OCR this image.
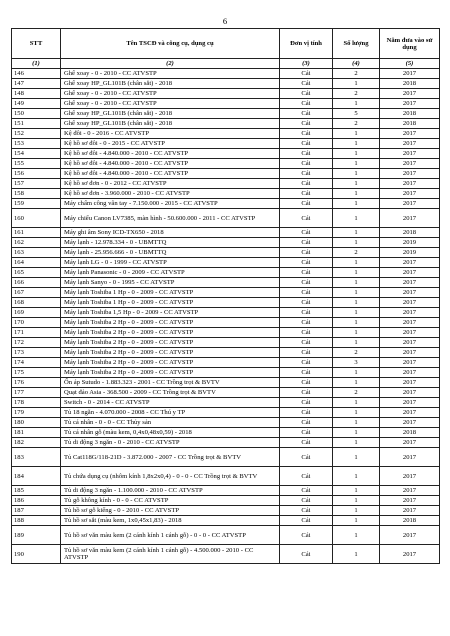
6
STT	Tên TSCĐ và công cụ, dụng cụ	Đơn vị tính	Số lượng	Năm đưa vào sử dụng
(1)	(2)	(3)	(4)	(5)
146	Ghế xoay - 0 - 2010 - CC ATVSTP	Cái	2	2017
147	Ghế xoay HP_GL101B (chân sắt) - 2018	Cái	1	2018
148	Ghế xoay - 0 - 2010 - CC ATVSTP	Cái	2	2017
149	Ghế xoay - 0 - 2010 - CC ATVSTP	Cái	1	2017
150	Ghế xoay HP_GL101B (chân sắt) - 2018	Cái	5	2018
151	Ghế xoay HP_GL101B (chân sắt) - 2018	Cái	2	2018
152	Kệ đôi - 0 - 2016 - CC ATVSTP	Cái	1	2017
153	Kệ hồ sơ đôi - 0 - 2015 - CC ATVSTP	Cái	1	2017
154	Kệ hồ sơ đôi - 4.840.000 - 2010 - CC ATVSTP	Cái	1	2017
155	Kệ hồ sơ đôi - 4.840.000 - 2010 - CC ATVSTP	Cái	1	2017
156	Kệ hồ sơ đôi - 4.840.000 - 2010 - CC ATVSTP	Cái	1	2017
157	Kệ hồ sơ đơn - 0 - 2012 - CC ATVSTP	Cái	1	2017
158	Kệ hồ sơ đơn - 3.960.000 - 2010 - CC ATVSTP	Cái	1	2017
159	Máy chấm công vân tay - 7.150.000 - 2015 - CC ATVSTP	Cái	1	2017
160	Máy chiếu Canon LV7385, màn hình - 50.600.000 - 2011 - CC ATVSTP	Cái	1	2017
161	Máy ghi âm Sony ICD-TX650 - 2018	Cái	1	2018
162	Máy lạnh - 12.978.334 - 0 - UBMTTQ	Cái	1	2019
163	Máy lạnh - 25.956.666 - 0 - UBMTTQ	Cái	2	2019
164	Máy lạnh LG - 0 - 1999 - CC ATVSTP	Cái	1	2017
165	Máy lạnh Panasonic - 0 - 2009 - CC ATVSTP	Cái	1	2017
166	Máy lạnh Sanyo - 0 - 1995 - CC ATVSTP	Cái	1	2017
167	Máy lạnh Toshiba 1 Hp - 0 - 2009 - CC ATVSTP	Cái	1	2017
168	Máy lạnh Toshiba 1 Hp - 0 - 2009 - CC ATVSTP	Cái	1	2017
169	Máy lạnh Toshiba 1,5 Hp - 0 - 2009 - CC ATVSTP	Cái	1	2017
170	Máy lạnh Toshiba 2 Hp - 0 - 2009 - CC ATVSTP	Cái	1	2017
171	Máy lạnh Toshiba 2 Hp - 0 - 2009 - CC ATVSTP	Cái	1	2017
172	Máy lạnh Toshiba 2 Hp - 0 - 2009 - CC ATVSTP	Cái	1	2017
173	Máy lạnh Toshiba 2 Hp - 0 - 2009 - CC ATVSTP	Cái	2	2017
174	Máy lạnh Toshiba 2 Hp - 0 - 2009 - CC ATVSTP	Cái	3	2017
175	Máy lạnh Toshiba 2 Hp - 0 - 2009 - CC ATVSTP	Cái	1	2017
176	Ổn áp Sutudo - 1.883.323 - 2001 - CC Trồng trọt & BVTV	Cái	1	2017
177	Quạt đảo Asia - 368.500 - 2009 - CC Trồng trọt & BVTV	Cái	2	2017
178	Switch - 0 - 2014 - CC ATVSTP	Cái	1	2017
179	Tủ 18 ngăn - 4.070.000 - 2008 - CC Thú y TP	Cái	1	2017
180	Tủ cá nhân - 0 - 0 - CC Thủy sản	Cái	1	2017
181	Tủ cá nhân gỗ (màu kem, 0,4x0,48x0,59) - 2018	Cái	1	2018
182	Tủ di động 3 ngăn - 0 - 2010 - CC ATVSTP	Cái	1	2017
183	Tủ Cat118G/118-21D - 3.872.000 - 2007 - CC Trồng trọt & BVTV	Cái	1	2017
184	Tủ chứa dụng cụ (nhôm kính 1,8x2x0,4) - 0 - 0 - CC Trồng trọt & BVTV	Cái	1	2017
185	Tủ di động 3 ngăn - 1.100.000 - 2010 - CC ATVSTP	Cái	1	2017
186	Tủ gỗ không kính - 0 - 0 - CC ATVSTP	Cái	1	2017
187	Tủ hồ sơ gỗ kiếng - 0 - 2010 - CC ATVSTP	Cái	1	2017
188	Tủ hồ sơ sắt (màu kem, 1x0,45x1,83) - 2018	Cái	1	2018
189	Tủ hồ sơ văn màu kem (2 cánh kính 1 cánh gỗ) - 0 - 0 - CC ATVSTP	Cái	1	2017
190	Tủ hồ sơ văn màu kem (2 cánh kính 1 cánh gỗ) - 4.500.000 - 2010 - CC ATVSTP	Cái	1	2017
